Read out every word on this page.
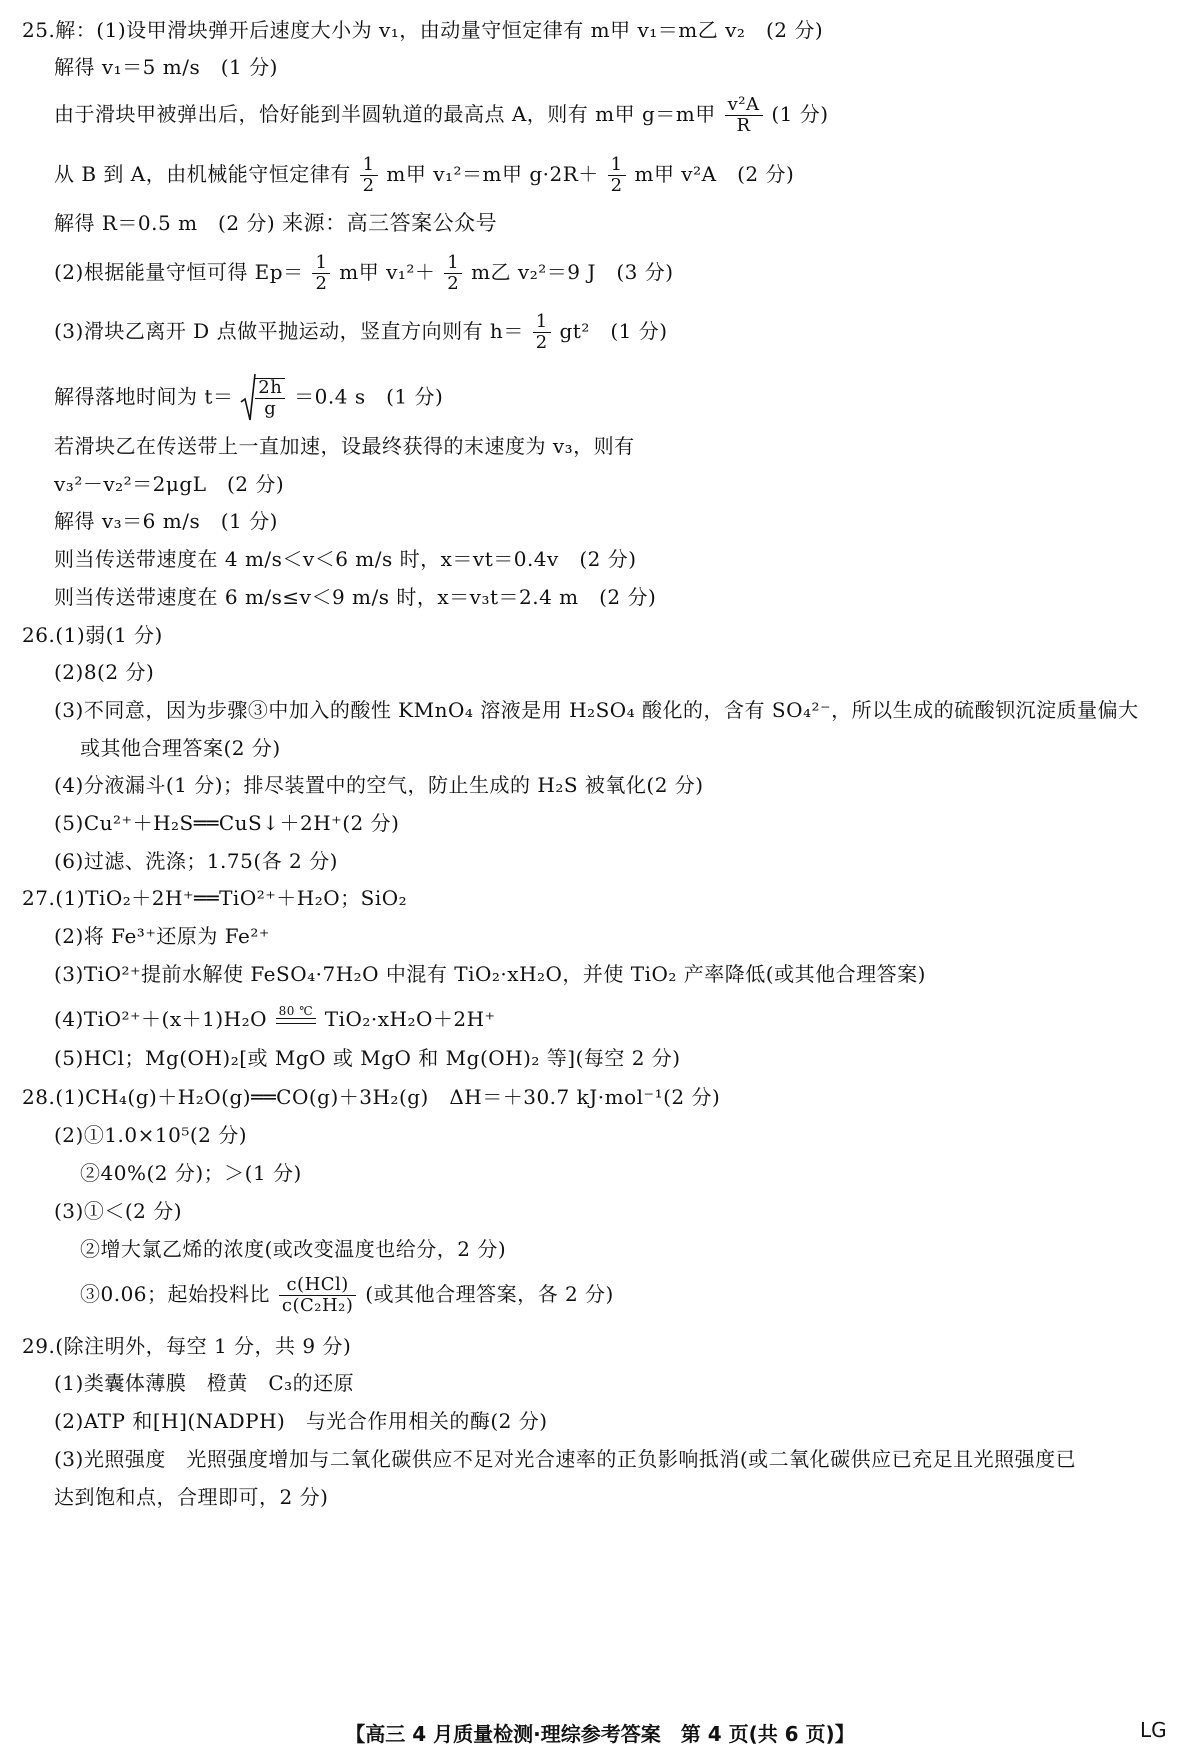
25.解：(1)设甲滑块弹开后速度大小为 v₁，由动量守恒定律有 m甲 v₁＝m乙 v₂　(2 分)
解得 v₁＝5 m/s　(1 分)
由于滑块甲被弹出后，恰好能到半圆轨道的最高点 A，则有 m甲 g＝m甲 $\frac{\text{v²A}}{R} (1$ 分)
从 B 到 A，由机械能守恒定律有 $\frac{1}{2}$ m甲 v₁²＝m甲 $g\cdot 2R+ \frac{1}{2}$ m甲 v²A　(2 分)
解得 R＝0.5 m　(2 分) 来源：高三答案公众号
(2)根据能量守恒可得 $Ep= \frac{1}{2}$ m甲 $v_1^2+ \frac{1}{2}$ m乙 v₂²＝9 J　(3 分)
(3)滑块乙离开 D 点做平抛运动，竖直方向则有 $h= \frac{1}{2} gt^2$　(1 分)
解得落地时间为 $t= \frac{2h}{g} =0.4$ s　(1 分)
若滑块乙在传送带上一直加速，设最终获得的末速度为 v₃，则有
v₃²－v₂²＝2μgL　(2 分)
解得 v₃＝6 m/s　(1 分)
则当传送带速度在 4 m/s＜v＜6 m/s 时，x＝vt＝0.4v　(2 分)
则当传送带速度在 6 m/s≤v＜9 m/s 时，x＝v₃t＝2.4 m　(2 分)
26.(1)弱(1 分)
(2)8(2 分)
(3)不同意，因为步骤③中加入的酸性 KMnO₄ 溶液是用 H₂SO₄ 酸化的，含有 SO₄²⁻，所以生成的硫酸钡沉淀质量偏大
或其他合理答案(2 分)
(4)分液漏斗(1 分)；排尽装置中的空气，防止生成的 H₂S 被氧化(2 分)
(5)Cu²⁺＋H₂S══CuS↓＋2H⁺(2 分)
(6)过滤、洗涤；1.75(各 2 分)
27.(1)TiO₂＋2H⁺══TiO²⁺＋H₂O；SiO₂
(2)将 Fe³⁺还原为 Fe²⁺
(3)TiO²⁺提前水解使 FeSO₄·7H₂O 中混有 TiO₂·xH₂O，并使 TiO₂ 产率降低(或其他合理答案)
(4)TiO²⁺＋(x＋1)H₂O 80 ℃ TiO₂·xH₂O＋2H⁺
(5)HCl；Mg(OH)₂[或 MgO 或 MgO 和 Mg(OH)₂ 等](每空 2 分)
28.(1)CH₄(g)＋H₂O(g)══CO(g)＋3H₂(g)　ΔH＝＋30.7 kJ·mol⁻¹(2 分)
(2)①1.0×10⁵(2 分)
②40%(2 分)；＞(1 分)
(3)①＜(2 分)
②增大氯乙烯的浓度(或改变温度也给分，2 分)
③0.06；起始投料比 $\frac{\text{c(HCl)}}{\text{c(C₂H₂)}}$ (或其他合理答案，各 2 分)
29.(除注明外，每空 1 分，共 9 分)
(1)类囊体薄膜　橙黄　C₃的还原
(2)ATP 和[H](NADPH)　与光合作用相关的酶(2 分)
(3)光照强度　光照强度增加与二氧化碳供应不足对光合速率的正负影响抵消(或二氧化碳供应已充足且光照强度已
达到饱和点，合理即可，2 分)
【高三 4 月质量检测·理综参考答案　第 4 页(共 6 页)】	LG
